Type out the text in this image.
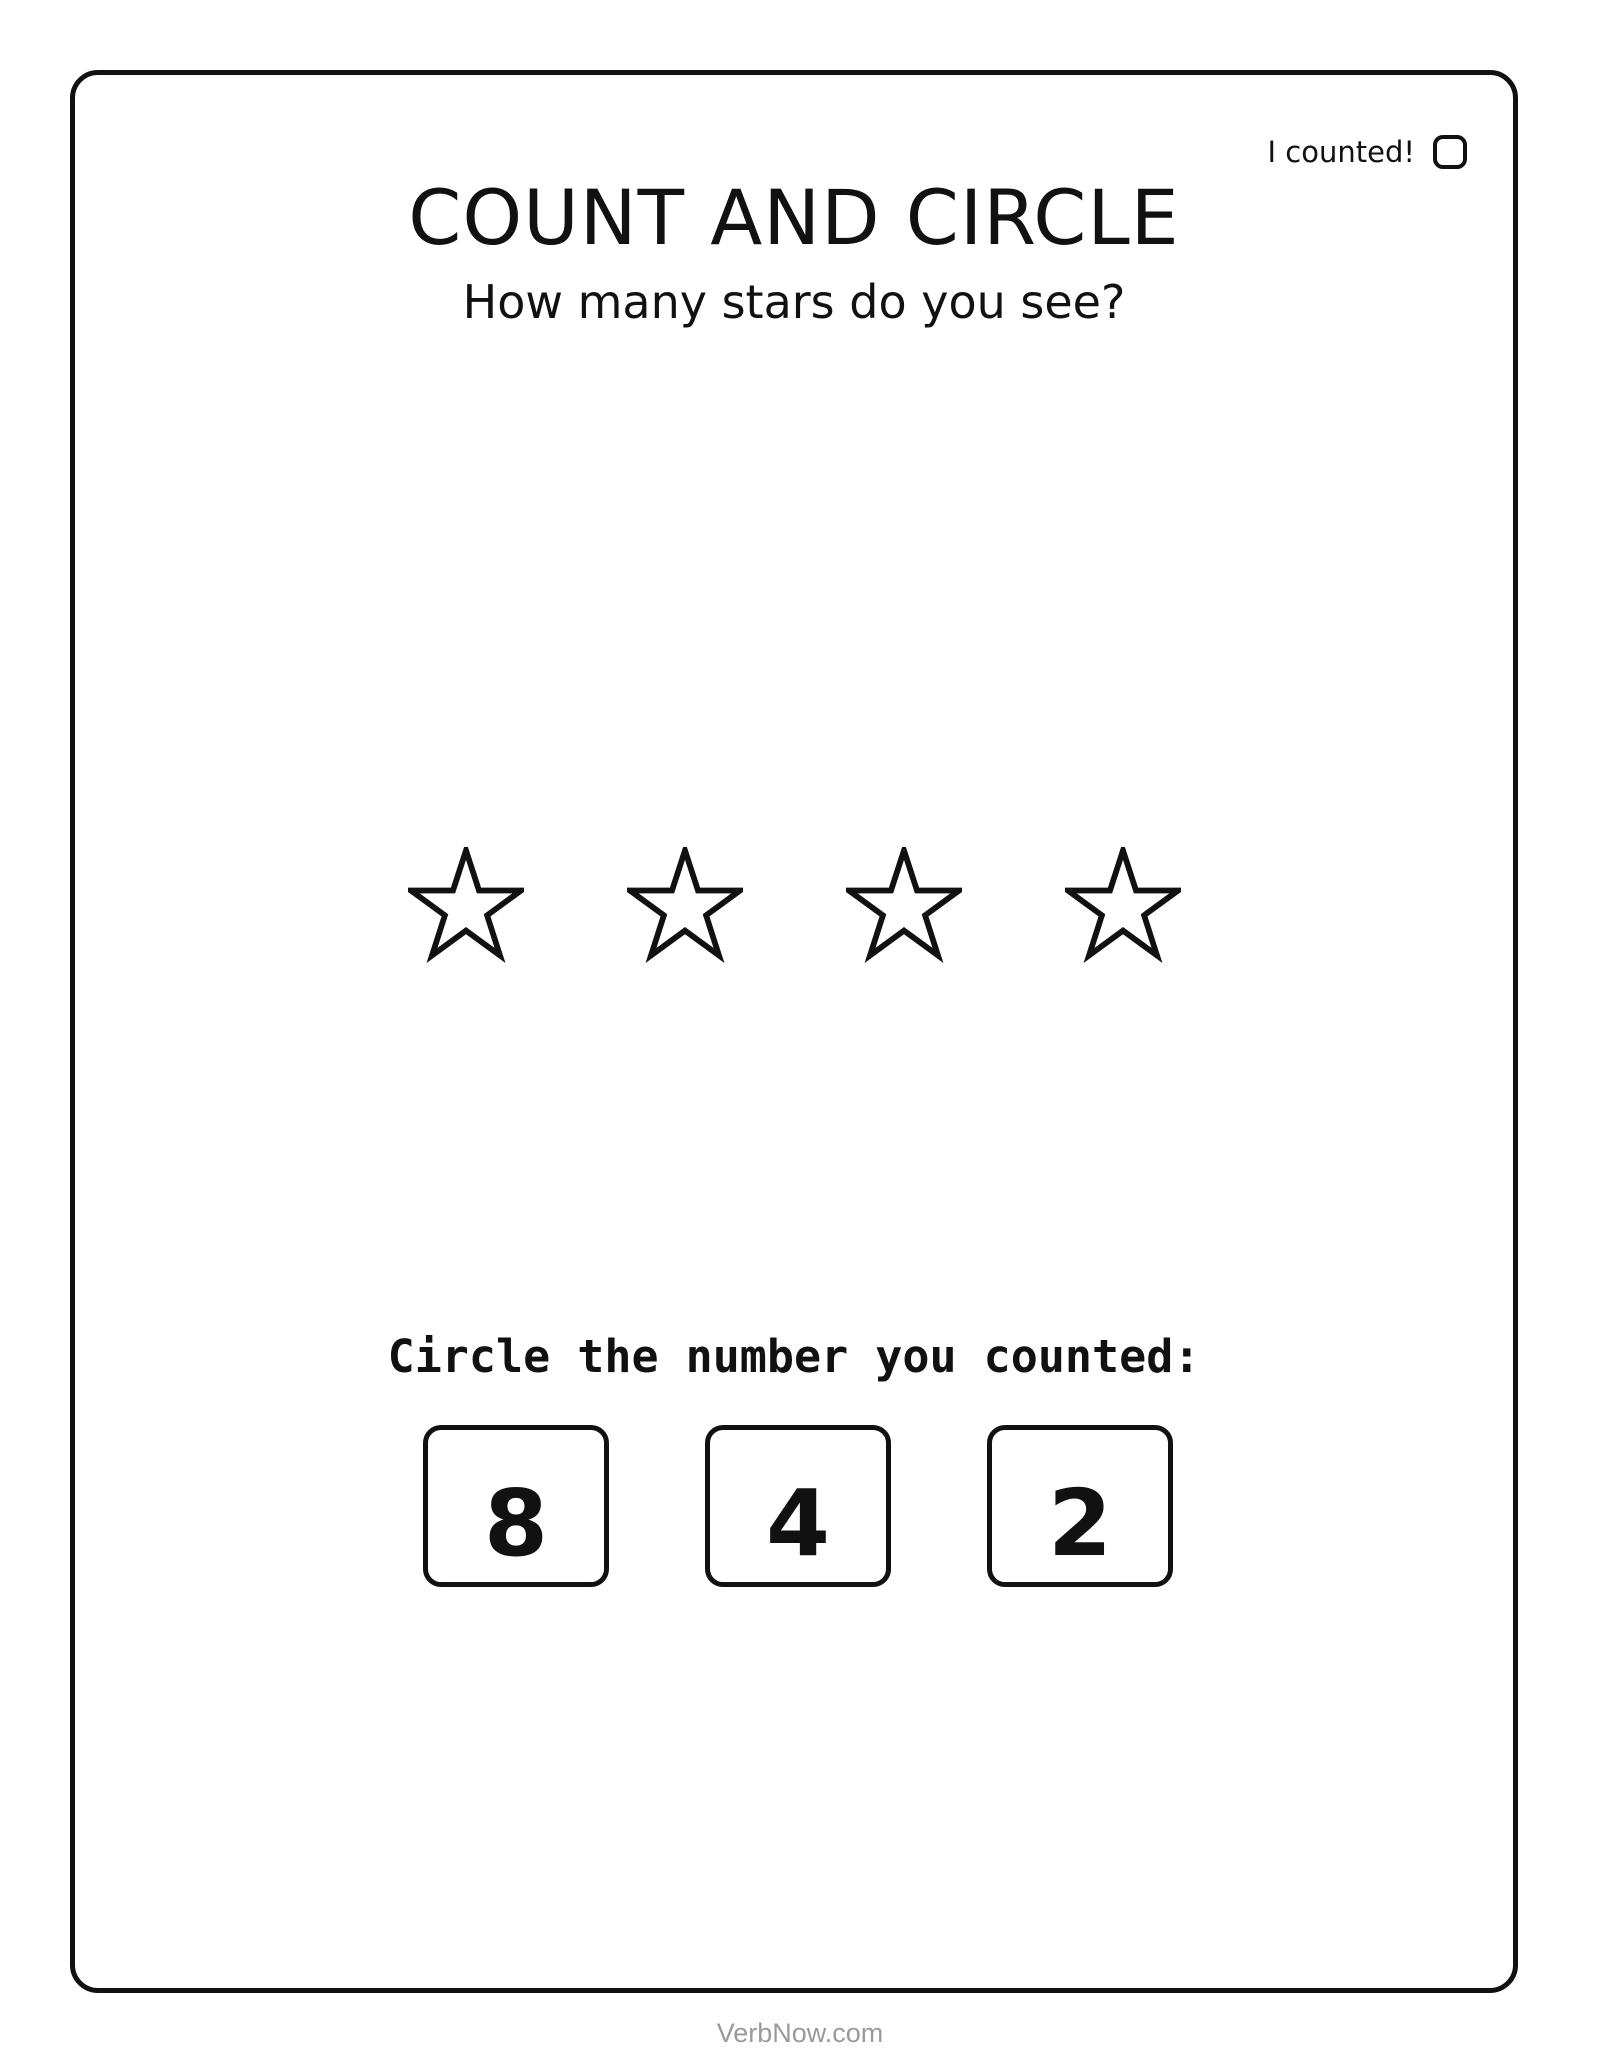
I counted!
COUNT AND CIRCLE

How many stars do you see?

Circle the number you counted:

8 4 2
VerbNow.com
